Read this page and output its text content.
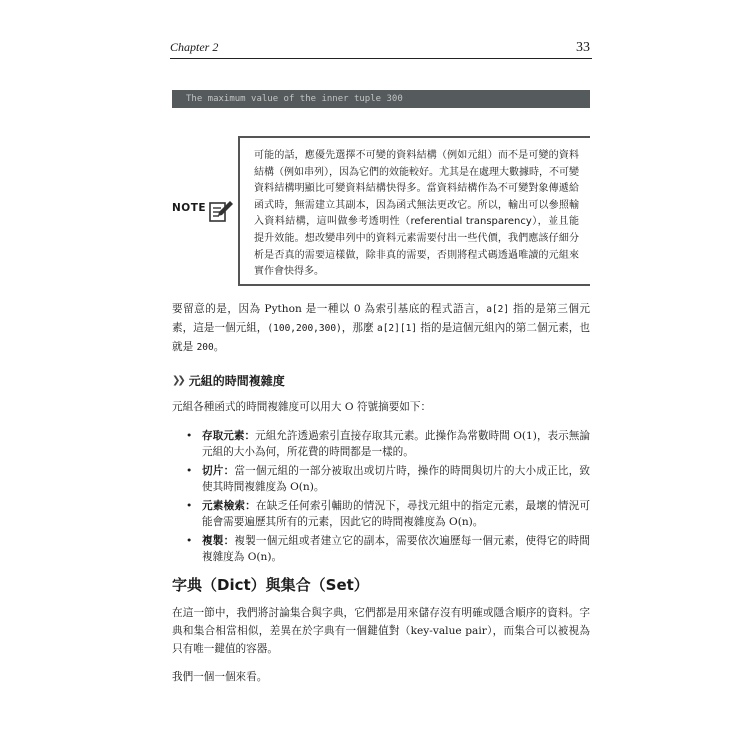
Chapter 2	33
The maximum value of the inner tuple 300
NOTE
可能的話，應優先選擇不可變的資料結構（例如元組）而不是可變的資料結構（例如串列），因為它們的效能較好。尤其是在處理大數據時，不可變資料結構明顯比可變資料結構快得多。當資料結構作為不可變對象傳遞給函式時，無需建立其副本，因為函式無法更改它。所以，輸出可以參照輸入資料結構，這叫做參考透明性（referential transparency），並且能提升效能。想改變串列中的資料元素需要付出一些代價，我們應該仔細分析是否真的需要這樣做，除非真的需要，否則將程式碼透過唯讀的元組來實作會快得多。

要留意的是，因為 Python 是一種以 0 為索引基底的程式語言，a[2] 指的是第三個元素，這是一個元組，(100,200,300)，那麼 a[2][1] 指的是這個元組內的第二個元素，也就是 200。

❯❯ 元組的時間複雜度

元組各種函式的時間複雜度可以用大 O 符號摘要如下：

• 存取元素：元組允許透過索引直接存取其元素。此操作為常數時間 O(1)，表示無論元組的大小為何，所花費的時間都是一樣的。
• 切片：當一個元組的一部分被取出或切片時，操作的時間與切片的大小成正比，致使其時間複雜度為 O(n)。
• 元素檢索：在缺乏任何索引輔助的情況下，尋找元組中的指定元素，最壞的情況可能會需要遍歷其所有的元素，因此它的時間複雜度為 O(n)。
• 複製：複製一個元組或者建立它的副本，需要依次遍歷每一個元素，使得它的時間複雜度為 O(n)。
字典（Dict）與集合（Set）

在這一節中，我們將討論集合與字典，它們都是用來儲存沒有明確或隱含順序的資料。字典和集合相當相似，差異在於字典有一個鍵值對（key-value pair），而集合可以被視為只有唯一鍵值的容器。

我們一個一個來看。
